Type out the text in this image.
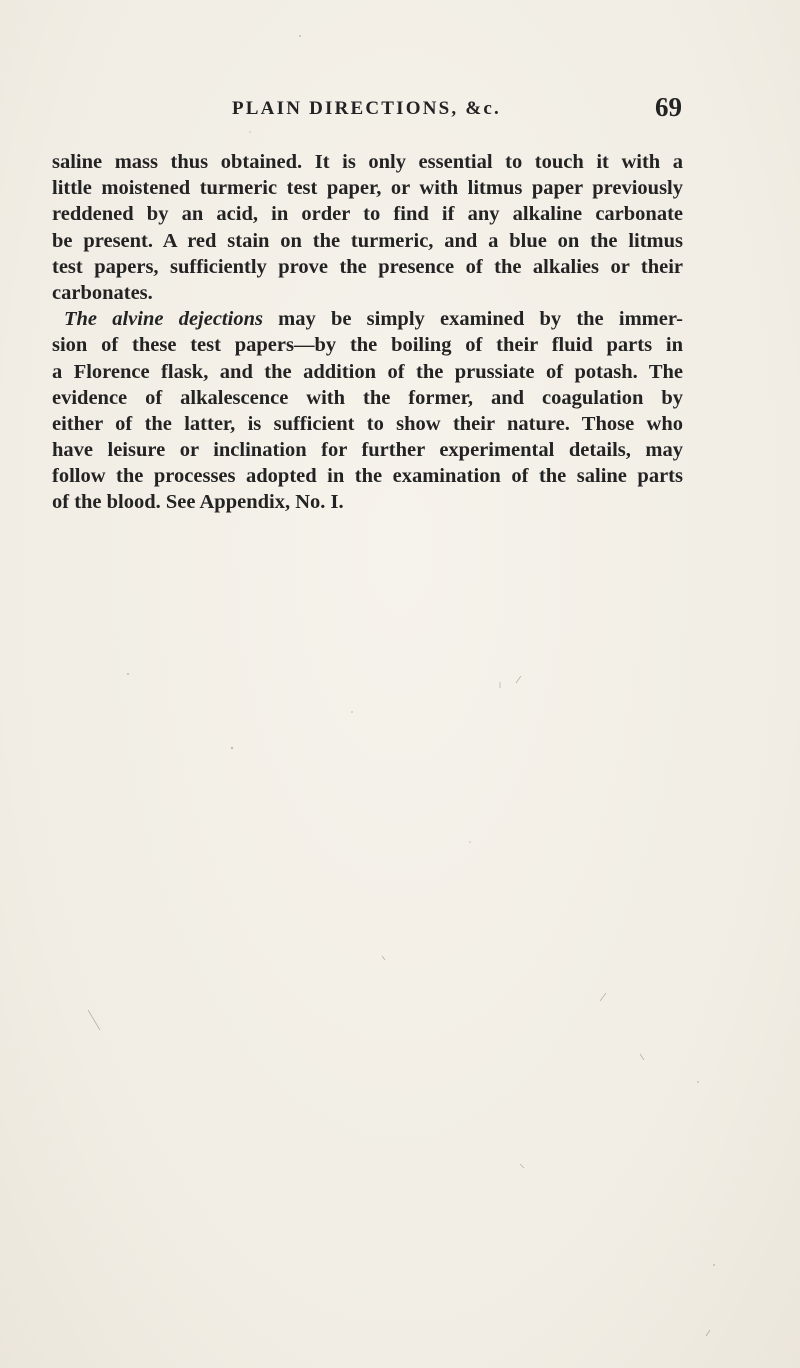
PLAIN DIRECTIONS, &c.	69
saline mass thus obtained. It is only essential to touch it with a
little moistened turmeric test paper, or with litmus paper previously
reddened by an acid, in order to find if any alkaline carbonate
be present. A red stain on the turmeric, and a blue on the litmus
test papers, sufficiently prove the presence of the alkalies or their
carbonates.
The alvine dejections may be simply examined by the immer-
sion of these test papers—by the boiling of their fluid parts in
a Florence flask, and the addition of the prussiate of potash. The
evidence of alkalescence with the former, and coagulation by
either of the latter, is sufficient to show their nature. Those who
have leisure or inclination for further experimental details, may
follow the processes adopted in the examination of the saline parts
of the blood. See Appendix, No. I.
